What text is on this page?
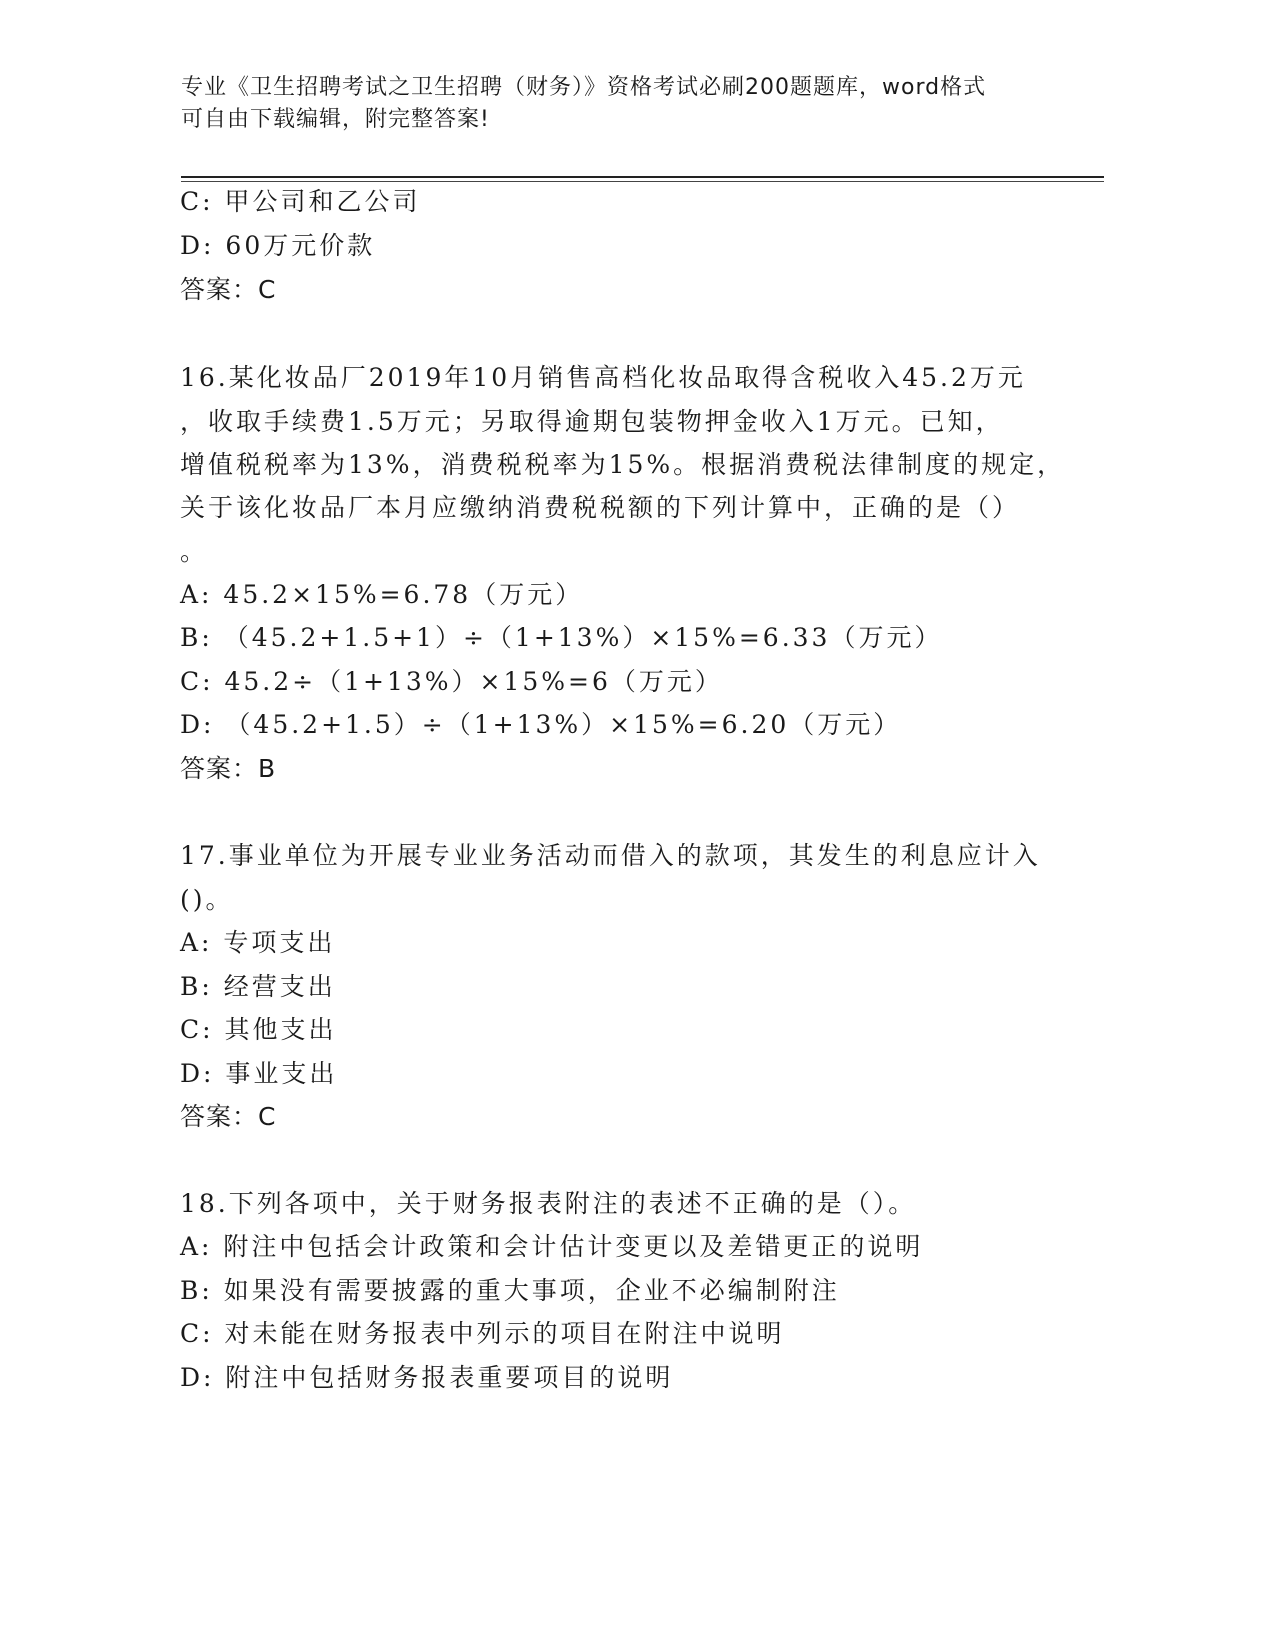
专业《卫生招聘考试之卫生招聘（财务）》资格考试必刷200题题库，word格式
可自由下载编辑，附完整答案!
C: 甲公司和乙公司
D: 60万元价款
答案：C
16.某化妆品厂2019年10月销售高档化妆品取得含税收入45.2万元
，收取手续费1.5万元；另取得逾期包装物押金收入1万元。已知，
增值税税率为13%，消费税税率为15%。根据消费税法律制度的规定，
关于该化妆品厂本月应缴纳消费税税额的下列计算中，正确的是（）
。
A: 45.2×15%=6.78（万元）
B: （45.2+1.5+1）÷（1+13%）×15%=6.33（万元）
C: 45.2÷（1+13%）×15%=6（万元）
D: （45.2+1.5）÷（1+13%）×15%=6.20（万元）
答案：B
17.事业单位为开展专业业务活动而借入的款项，其发生的利息应计入
()。
A: 专项支出
B: 经营支出
C: 其他支出
D: 事业支出
答案：C
18.下列各项中，关于财务报表附注的表述不正确的是（）。
A: 附注中包括会计政策和会计估计变更以及差错更正的说明
B: 如果没有需要披露的重大事项，企业不必编制附注
C: 对未能在财务报表中列示的项目在附注中说明
D: 附注中包括财务报表重要项目的说明
